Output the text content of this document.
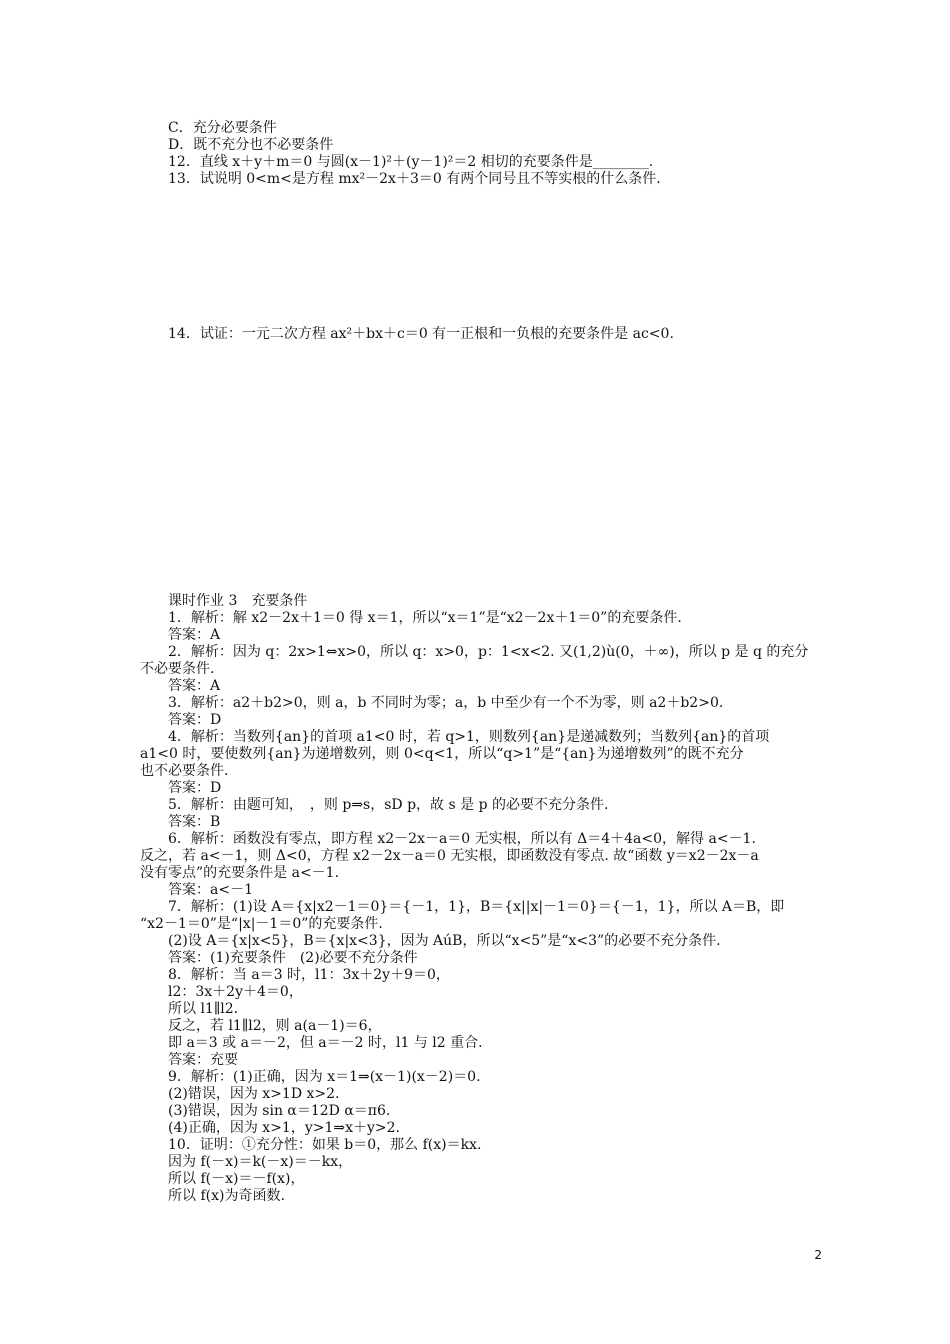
C．充分必要条件
D．既不充分也不必要条件
12．直线 x＋y＋m＝0 与圆(x－1)²＋(y－1)²＝2 相切的充要条件是________.
13．试说明 0<m<是方程 mx²－2x＋3＝0 有两个同号且不等实根的什么条件.
14．试证：一元二次方程 ax²＋bx＋c＝0 有一正根和一负根的充要条件是 ac<0.
课时作业 3　充要条件
1．解析：解 x2－2x＋1＝0 得 x＝1，所以“x＝1”是“x2－2x＋1＝0”的充要条件.
答案：A
2．解析：因为 q：2x>1⇔x>0，所以 q：x>0，p：1<x<2. 又(1,2)ù(0，＋∞)，所以 p 是 q 的充分
不必要条件.
答案：A
3．解析：a2＋b2>0，则 a，b 不同时为零；a，b 中至少有一个不为零，则 a2＋b2>0.
答案：D
4．解析：当数列{an}的首项 a1<0 时，若 q>1，则数列{an}是递减数列；当数列{an}的首项
a1<0 时，要使数列{an}为递增数列，则 0<q<1，所以“q>1”是“{an}为递增数列”的既不充分
也不必要条件.
答案：D
5．解析：由题可知，　，则 p⇒s，sD p，故 s 是 p 的必要不充分条件.
答案：B
6．解析：函数没有零点，即方程 x2－2x－a＝0 无实根，所以有 Δ＝4＋4a<0，解得 a<－1.
反之，若 a<－1，则 Δ<0，方程 x2－2x－a＝0 无实根，即函数没有零点. 故“函数 y＝x2－2x－a
没有零点”的充要条件是 a<－1.
答案：a<－1
7．解析：(1)设 A＝{x|x2－1＝0}＝{－1，1}，B＝{x||x|－1＝0}＝{－1，1}，所以 A＝B，即
“x2－1＝0”是“|x|－1＝0”的充要条件.
(2)设 A＝{x|x<5}，B＝{x|x<3}，因为 AúB，所以“x<5”是“x<3”的必要不充分条件.
答案：(1)充要条件　(2)必要不充分条件
8．解析：当 a＝3 时，l1：3x＋2y＋9＝0，
l2：3x＋2y＋4＝0，
所以 l1∥l2.
反之，若 l1∥l2，则 a(a－1)＝6，
即 a＝3 或 a＝－2，但 a＝－2 时，l1 与 l2 重合.
答案：充要
9．解析：(1)正确，因为 x＝1⇒(x－1)(x－2)＝0.
(2)错误，因为 x>1D x>2.
(3)错误，因为 sin α＝12D α＝π6.
(4)正确，因为 x>1，y>1⇒x＋y>2.
10．证明：①充分性：如果 b＝0，那么 f(x)＝kx.
因为 f(－x)＝k(－x)＝－kx，
所以 f(－x)＝－f(x)，
所以 f(x)为奇函数.
2
